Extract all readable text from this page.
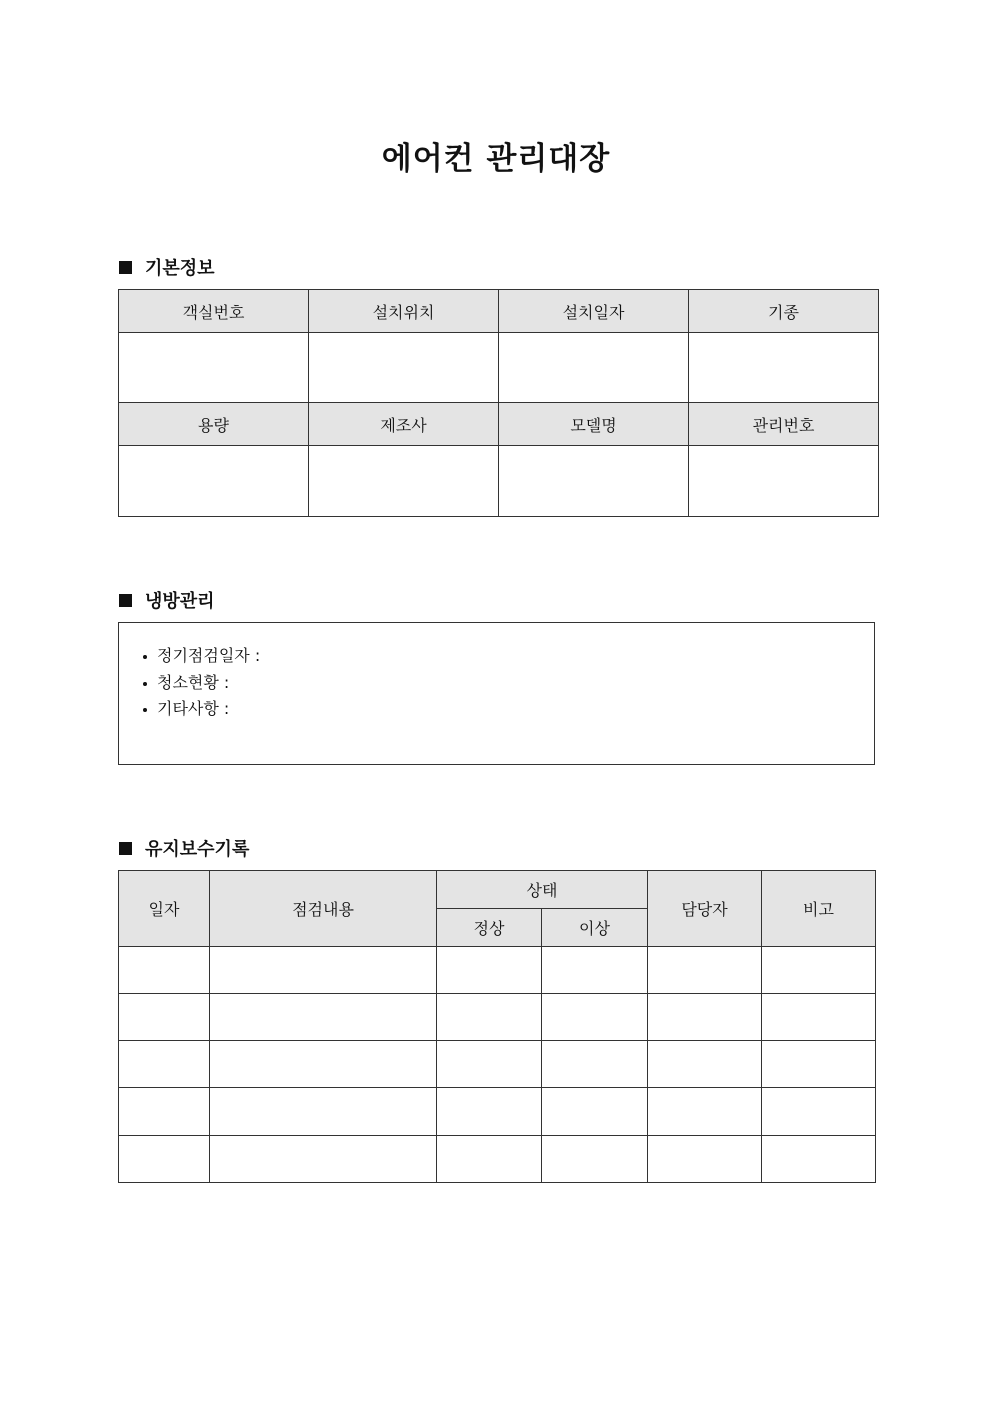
에어컨 관리대장
기본정보
객실번호	설치위치	설치일자	기종

용량	제조사	모델명	관리번호

냉방관리
정기점검일자 :
청소현황 :
기타사항 :
유지보수기록
일자	점검내용	상태		담당자	비고
		정상	이상		
